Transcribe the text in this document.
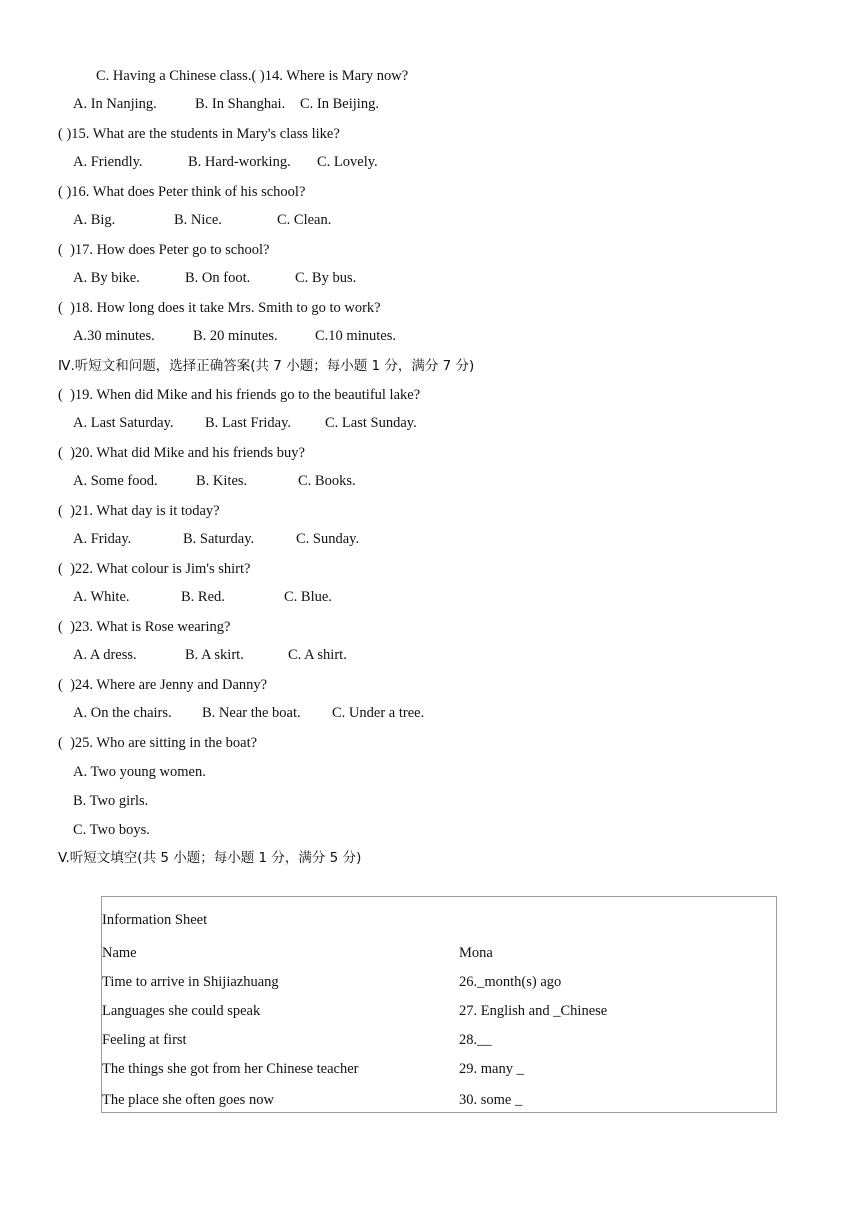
C. Having a Chinese class.( )14. Where is Mary now?
A. In Nanjing.	B. In Shanghai. C. In Beijing.
( )15. What are the students in Mary's class like?
A. Friendly.	B. Hard-working. C. Lovely.
( )16. What does Peter think of his school?
A. Big.	B. Nice.	C. Clean.
(  )17. How does Peter go to school?
A. By bike.	B. On foot.	C. By bus.
(  )18. How long does it take Mrs. Smith to go to work?
A.30 minutes.	B. 20 minutes.	C.10 minutes.
Ⅳ.听短文和问题，选择正确答案(共 7 小题；每小题 1 分，满分 7 分)
(  )19. When did Mike and his friends go to the beautiful lake?
A. Last Saturday. B. Last Friday. C. Last Sunday.
(  )20. What did Mike and his friends buy?
A. Some food.	B. Kites.	C. Books.
(  )21. What day is it today?
A. Friday.	B. Saturday.	C. Sunday.
(  )22. What colour is Jim's shirt?
A. White.	B. Red.	C. Blue.
(  )23. What is Rose wearing?
A. A dress.	B. A skirt.	C. A shirt.
(  )24. Where are Jenny and Danny?
A. On the chairs. B. Near the boat. C. Under a tree.
(  )25. Who are sitting in the boat?
A. Two young women.
B. Two girls.
C. Two boys.
V.听短文填空(共 5 小题；每小题 1 分，满分 5 分)
Information Sheet
Name	Mona
Time to arrive in Shijiazhuang	26._month(s) ago
Languages she could speak	27. English and _Chinese
Feeling at first	28.__
The things she got from her Chinese teacher	29. many _
The place she often goes now	30. some _
